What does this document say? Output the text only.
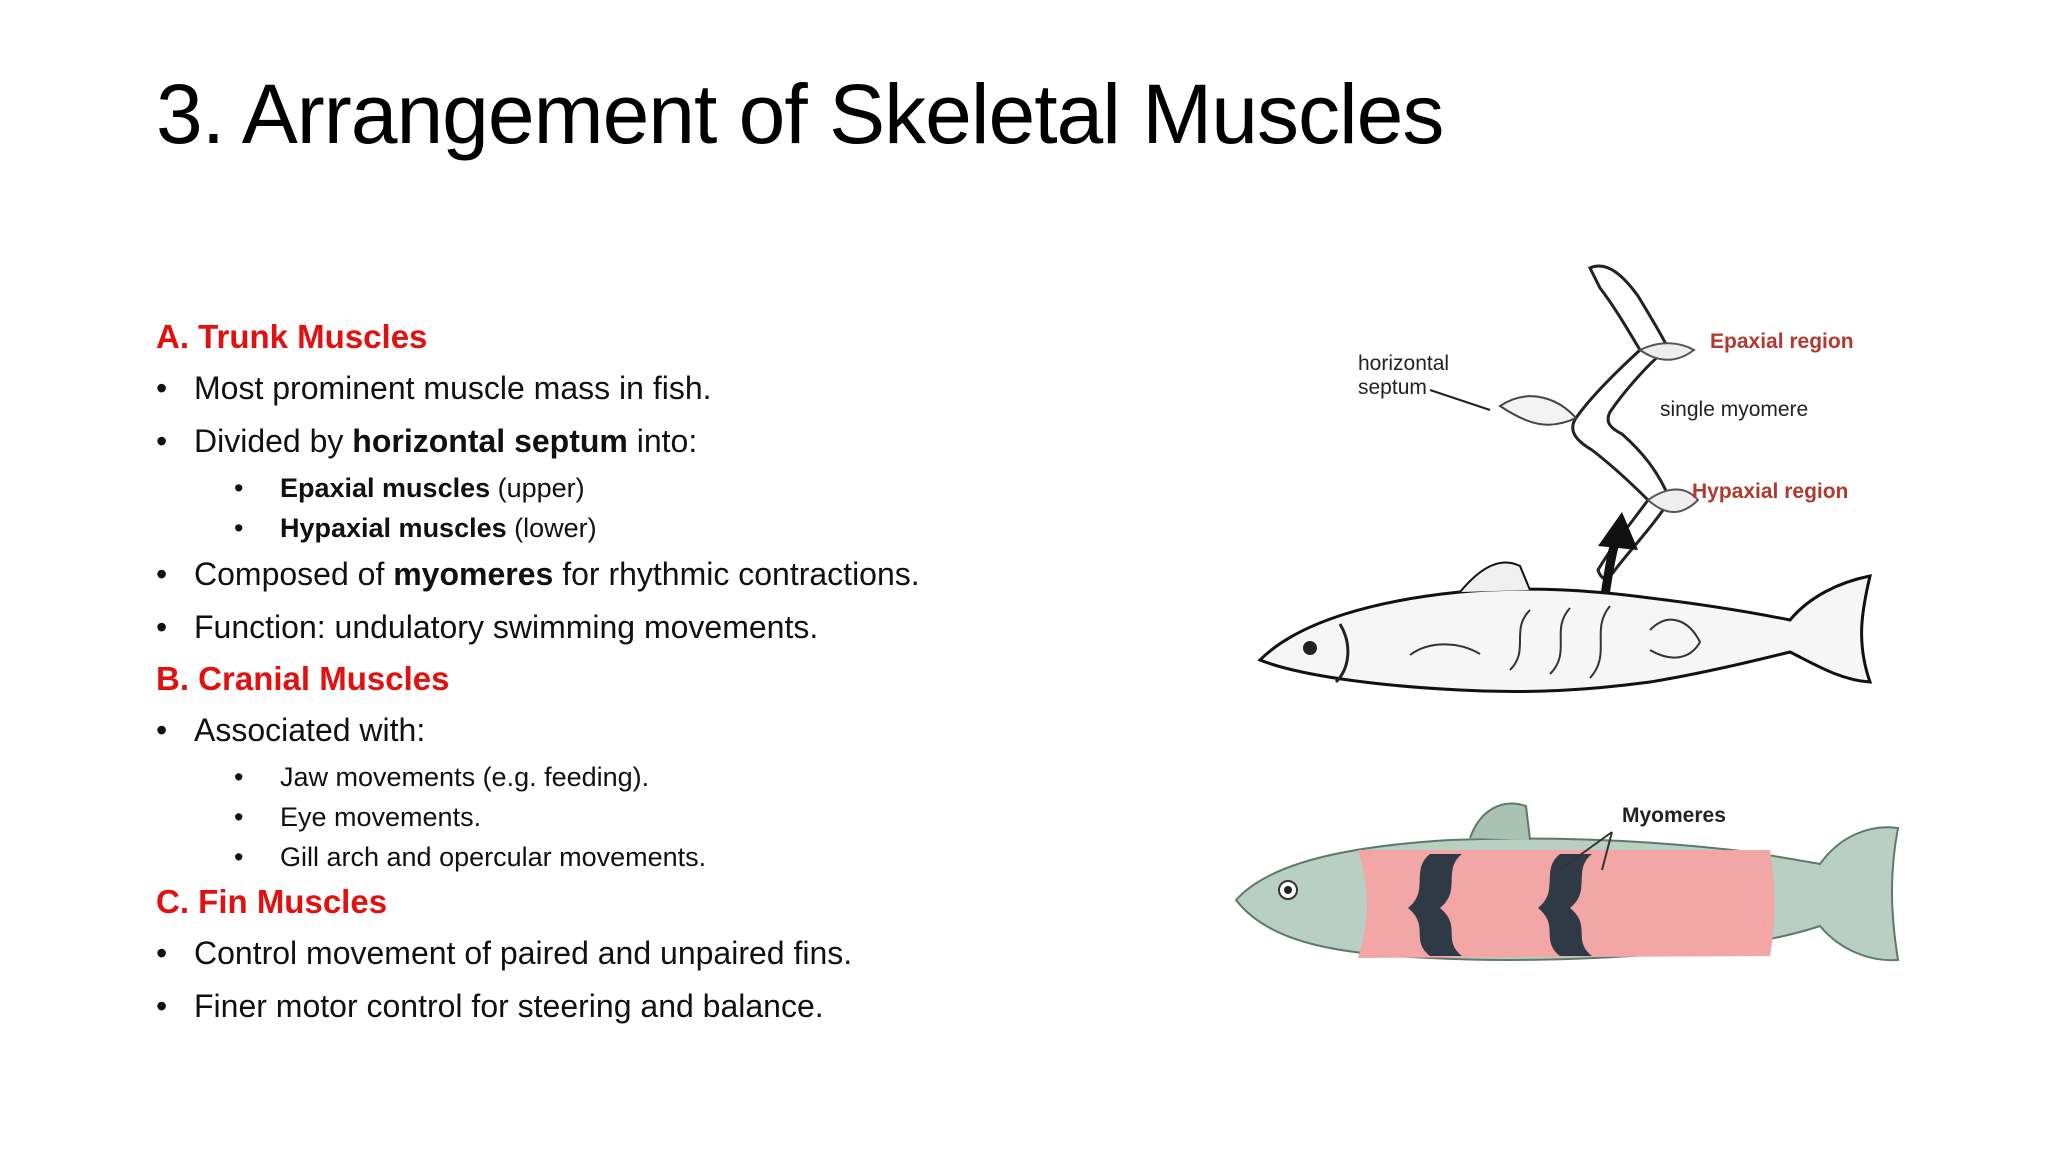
3. Arrangement of Skeletal Muscles
A. Trunk Muscles
• Most prominent muscle mass in fish.
• Divided by horizontal septum into:
• Epaxial muscles (upper)
• Hypaxial muscles (lower)
• Composed of myomeres for rhythmic contractions.
• Function: undulatory swimming movements.
B. Cranial Muscles
• Associated with:
• Jaw movements (e.g. feeding).
• Eye movements.
• Gill arch and opercular movements.
C. Fin Muscles
• Control movement of paired and unpaired fins.
• Finer motor control for steering and balance.
horizontal
septum
Epaxial region
single myomere
Hypaxial region
Myomeres
